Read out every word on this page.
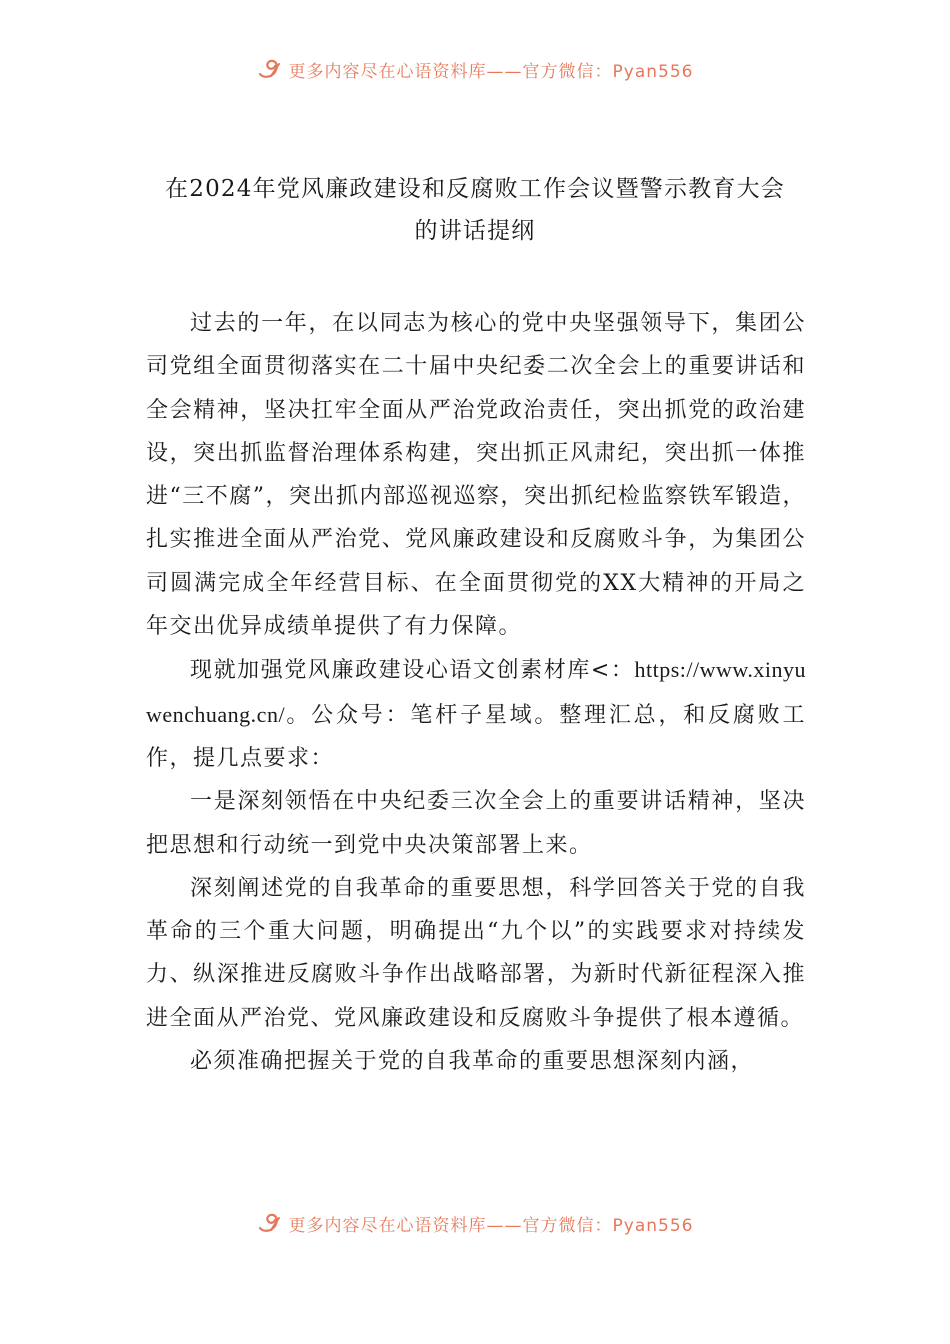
更多内容尽在心语资料库——官方微信：Pyan556
在2024年党风廉政建设和反腐败工作会议暨警示教育大会
的讲话提纲

过去的一年，在以同志为核心的党中央坚强领导下，集团公司党组全面贯彻落实在二十届中央纪委二次全会上的重要讲话和全会精神，坚决扛牢全面从严治党政治责任，突出抓党的政治建设，突出抓监督治理体系构建，突出抓正风肃纪，突出抓一体推进“三不腐”，突出抓内部巡视巡察，突出抓纪检监察铁军锻造，扎实推进全面从严治党、党风廉政建设和反腐败斗争，为集团公司圆满完成全年经营目标、在全面贯彻党的XX大精神的开局之年交出优异成绩单提供了有力保障。

现就加强党风廉政建设心语文创素材库<：https://www.xinyuwenchuang.cn/。公众号：笔杆子星域。整理汇总，和反腐败工作，提几点要求：

一是深刻领悟在中央纪委三次全会上的重要讲话精神，坚决把思想和行动统一到党中央决策部署上来。

深刻阐述党的自我革命的重要思想，科学回答关于党的自我革命的三个重大问题，明确提出“九个以”的实践要求对持续发力、纵深推进反腐败斗争作出战略部署，为新时代新征程深入推进全面从严治党、党风廉政建设和反腐败斗争提供了根本遵循。

必须准确把握关于党的自我革命的重要思想深刻内涵，

更多内容尽在心语资料库——官方微信：Pyan556
